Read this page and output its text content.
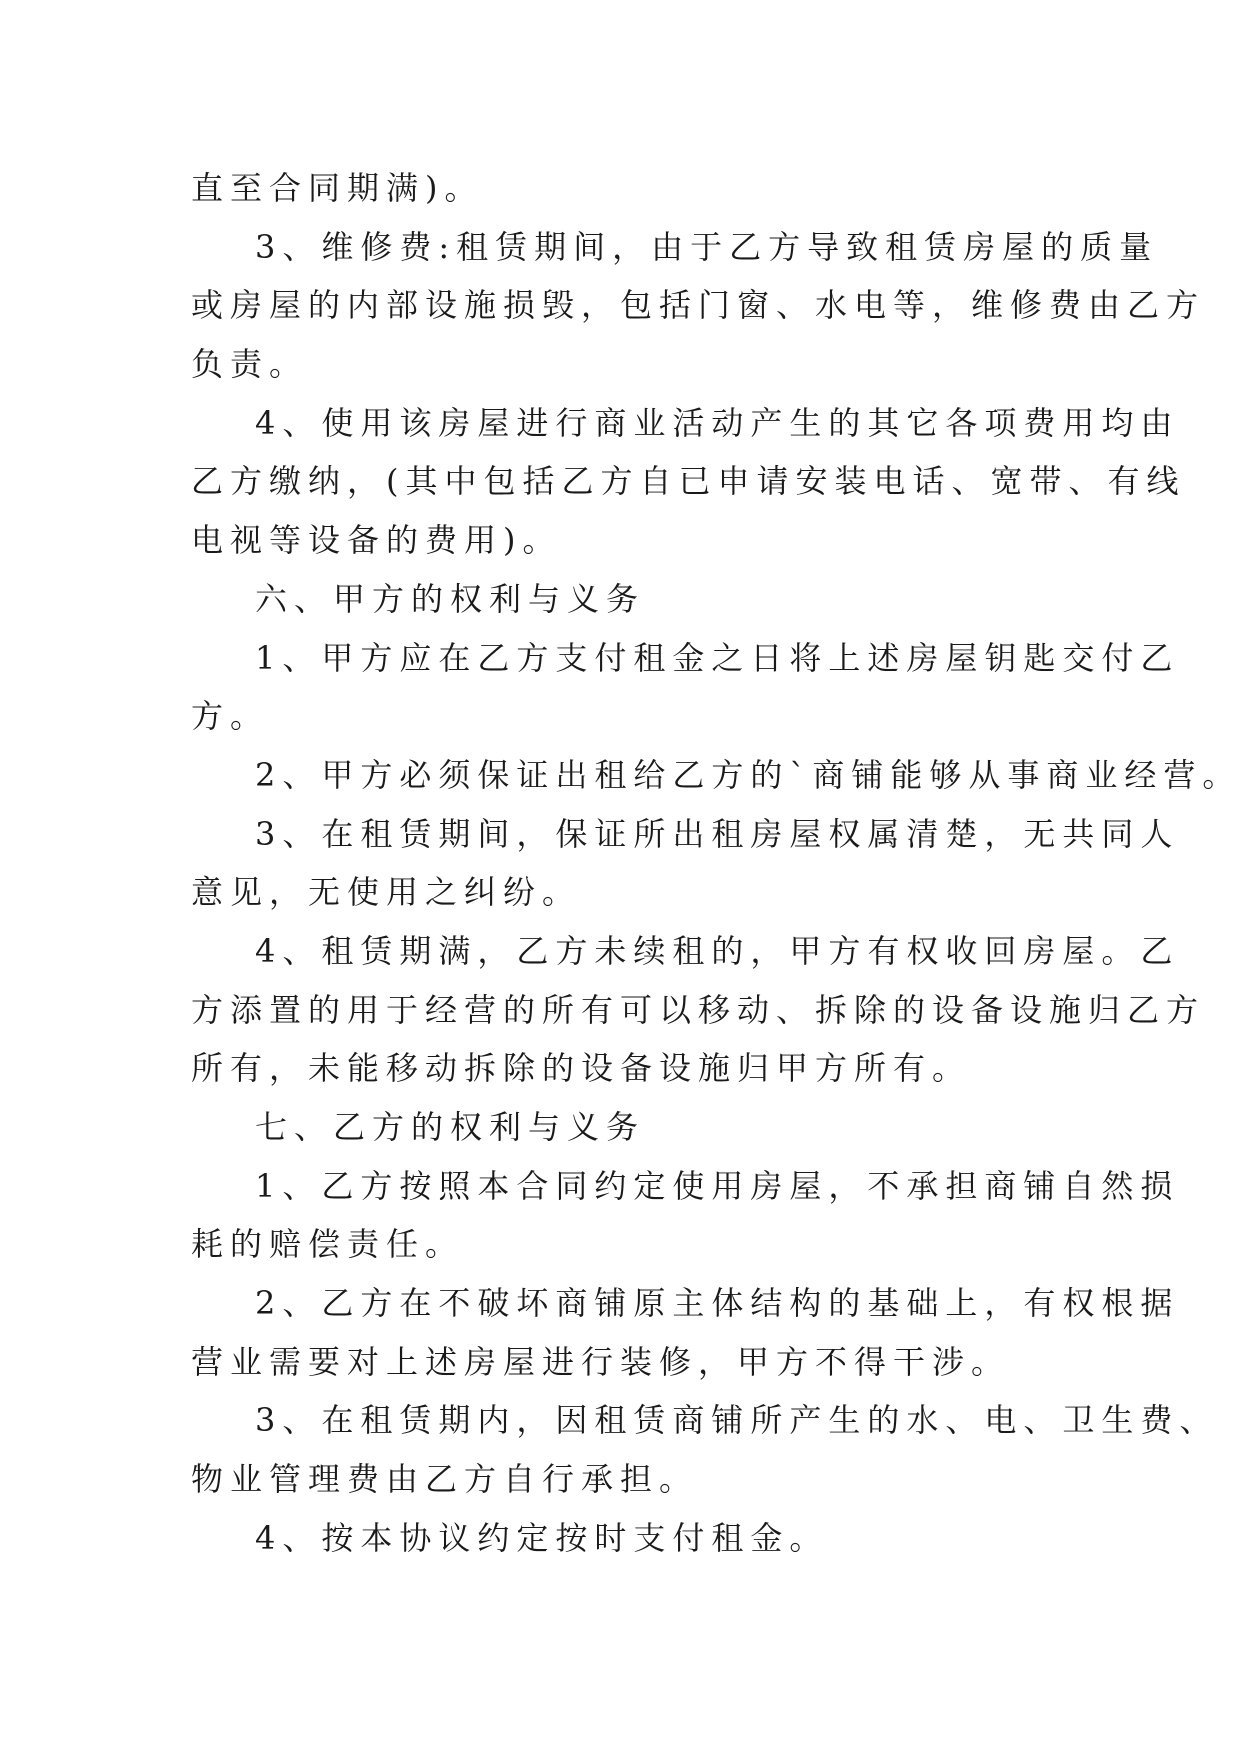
直至合同期满)。
3、维修费:租赁期间，由于乙方导致租赁房屋的质量
或房屋的内部设施损毁，包括门窗、水电等，维修费由乙方
负责。
4、使用该房屋进行商业活动产生的其它各项费用均由
乙方缴纳，(其中包括乙方自已申请安装电话、宽带、有线
电视等设备的费用)。
六、甲方的权利与义务
1、甲方应在乙方支付租金之日将上述房屋钥匙交付乙
方。
2、甲方必须保证出租给乙方的`商铺能够从事商业经营。
3、在租赁期间，保证所出租房屋权属清楚，无共同人
意见，无使用之纠纷。
4、租赁期满，乙方未续租的，甲方有权收回房屋。乙
方添置的用于经营的所有可以移动、拆除的设备设施归乙方
所有，未能移动拆除的设备设施归甲方所有。
七、乙方的权利与义务
1、乙方按照本合同约定使用房屋，不承担商铺自然损
耗的赔偿责任。
2、乙方在不破坏商铺原主体结构的基础上，有权根据
营业需要对上述房屋进行装修，甲方不得干涉。
3、在租赁期内，因租赁商铺所产生的水、电、卫生费、
物业管理费由乙方自行承担。
4、按本协议约定按时支付租金。
